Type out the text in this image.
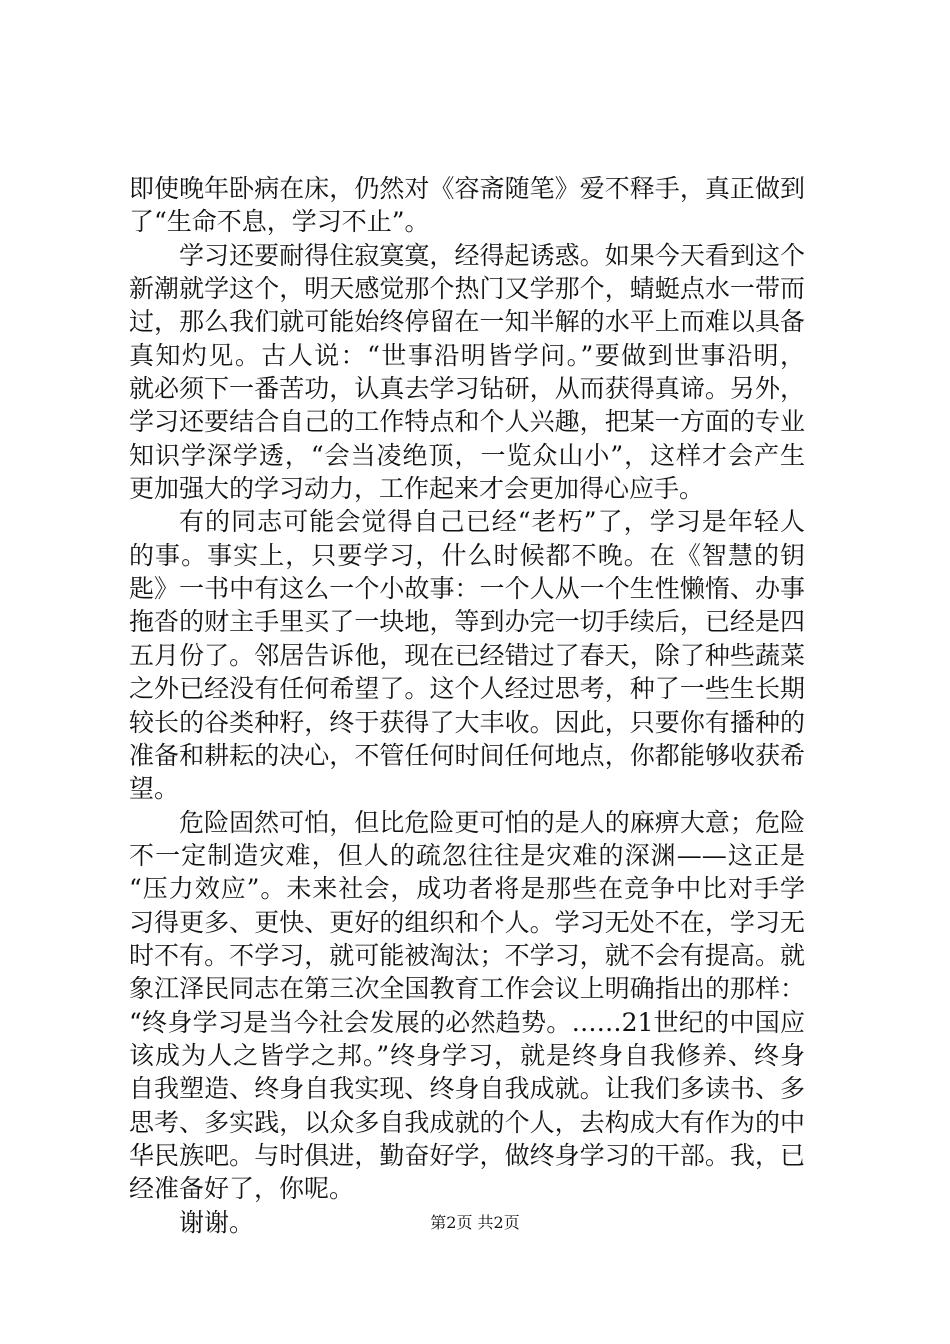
即使晚年卧病在床，仍然对《容斋随笔》爱不释手，真正做到
了“生命不息，学习不止”。
学习还要耐得住寂寞寞，经得起诱惑。如果今天看到这个
新潮就学这个，明天感觉那个热门又学那个，蜻蜓点水一带而
过，那么我们就可能始终停留在一知半解的水平上而难以具备
真知灼见。古人说：“世事沿明皆学问。”要做到世事沿明，
就必须下一番苦功，认真去学习钻研，从而获得真谛。另外，
学习还要结合自己的工作特点和个人兴趣，把某一方面的专业
知识学深学透，“会当凌绝顶，一览众山小”，这样才会产生
更加强大的学习动力，工作起来才会更加得心应手。
有的同志可能会觉得自己已经“老朽”了，学习是年轻人
的事。事实上，只要学习，什么时候都不晚。在《智慧的钥
匙》一书中有这么一个小故事：一个人从一个生性懒惰、办事
拖沓的财主手里买了一块地，等到办完一切手续后，已经是四
五月份了。邻居告诉他，现在已经错过了春天，除了种些蔬菜
之外已经没有任何希望了。这个人经过思考，种了一些生长期
较长的谷类种籽，终于获得了大丰收。因此，只要你有播种的
准备和耕耘的决心，不管任何时间任何地点，你都能够收获希
望。
危险固然可怕，但比危险更可怕的是人的麻痹大意；危险
不一定制造灾难，但人的疏忽往往是灾难的深渊——这正是
“压力效应”。未来社会，成功者将是那些在竞争中比对手学
习得更多、更快、更好的组织和个人。学习无处不在，学习无
时不有。不学习，就可能被淘汰；不学习，就不会有提高。就
象江泽民同志在第三次全国教育工作会议上明确指出的那样：
“终身学习是当今社会发展的必然趋势。……21世纪的中国应
该成为人之皆学之邦。”终身学习，就是终身自我修养、终身
自我塑造、终身自我实现、终身自我成就。让我们多读书、多
思考、多实践，以众多自我成就的个人，去构成大有作为的中
华民族吧。与时俱进，勤奋好学，做终身学习的干部。我，已
经准备好了，你呢。
谢谢。	第2页 共2页
